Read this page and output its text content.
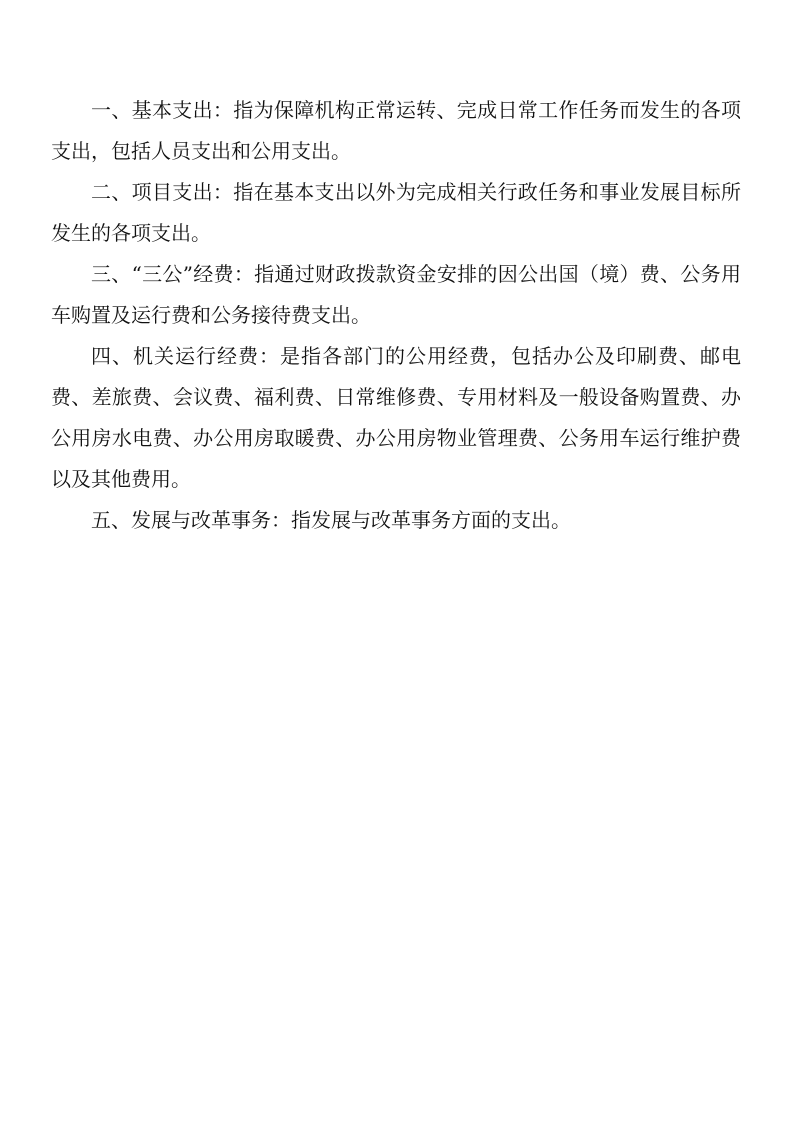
一、基本支出：指为保障机构正常运转、完成日常工作任务而发生的各项支出，包括人员支出和公用支出。

二、项目支出：指在基本支出以外为完成相关行政任务和事业发展目标所发生的各项支出。

三、“三公”经费：指通过财政拨款资金安排的因公出国（境）费、公务用车购置及运行费和公务接待费支出。

四、机关运行经费：是指各部门的公用经费，包括办公及印刷费、邮电费、差旅费、会议费、福利费、日常维修费、专用材料及一般设备购置费、办公用房水电费、办公用房取暖费、办公用房物业管理费、公务用车运行维护费以及其他费用。

五、发展与改革事务：指发展与改革事务方面的支出。
